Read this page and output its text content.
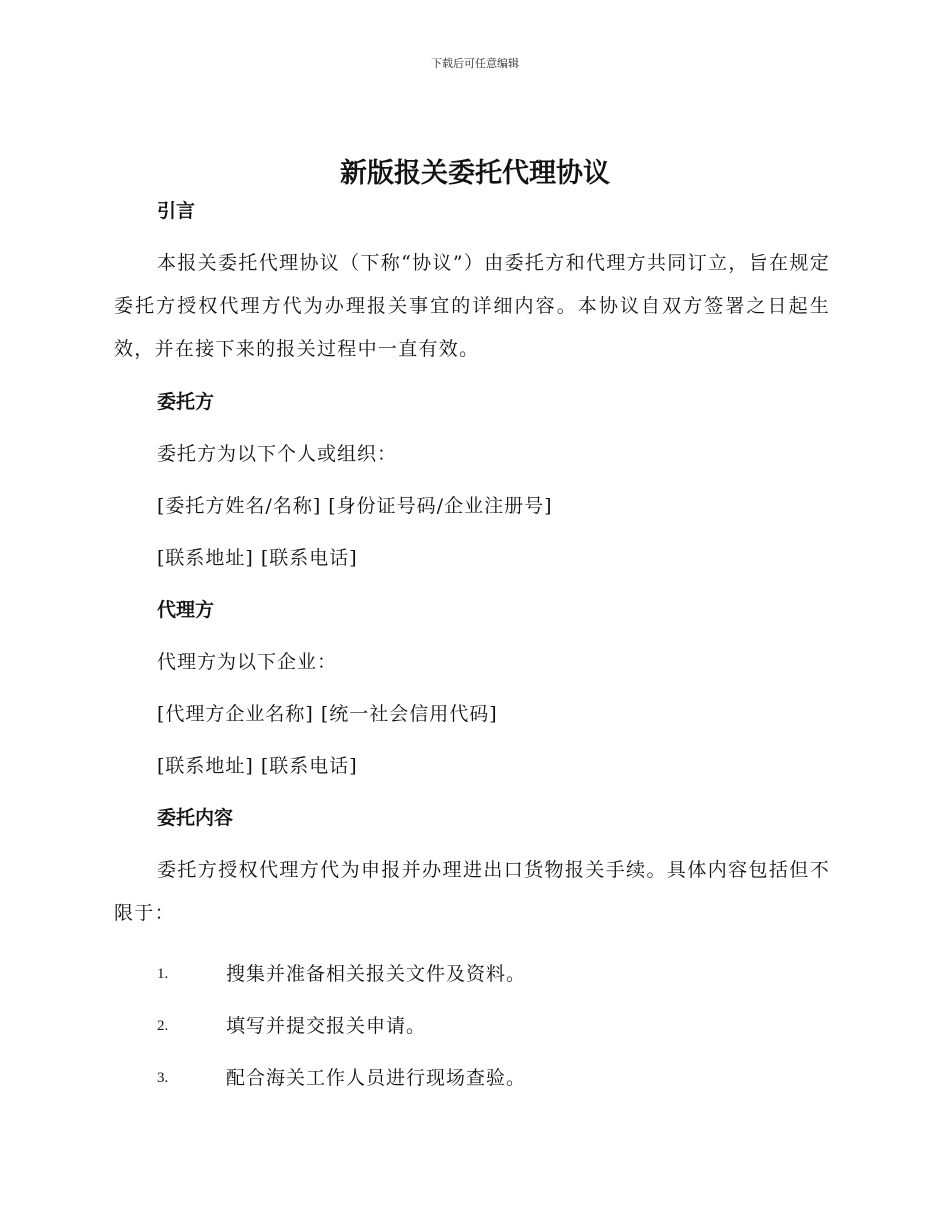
下载后可任意编辑
新版报关委托代理协议
引言

本报关委托代理协议（下称“协议”）由委托方和代理方共同订立，旨在规定委托方授权代理方代为办理报关事宜的详细内容。本协议自双方签署之日起生效，并在接下来的报关过程中一直有效。

委托方
委托方为以下个人或组织：
[委托方姓名/名称] [身份证号码/企业注册号]
[联系地址] [联系电话]
代理方
代理方为以下企业：
[代理方企业名称] [统一社会信用代码]
[联系地址] [联系电话]
委托内容

委托方授权代理方代为申报并办理进出口货物报关手续。具体内容包括但不限于：

1.	搜集并准备相关报关文件及资料。
2.	填写并提交报关申请。
3.	配合海关工作人员进行现场查验。
